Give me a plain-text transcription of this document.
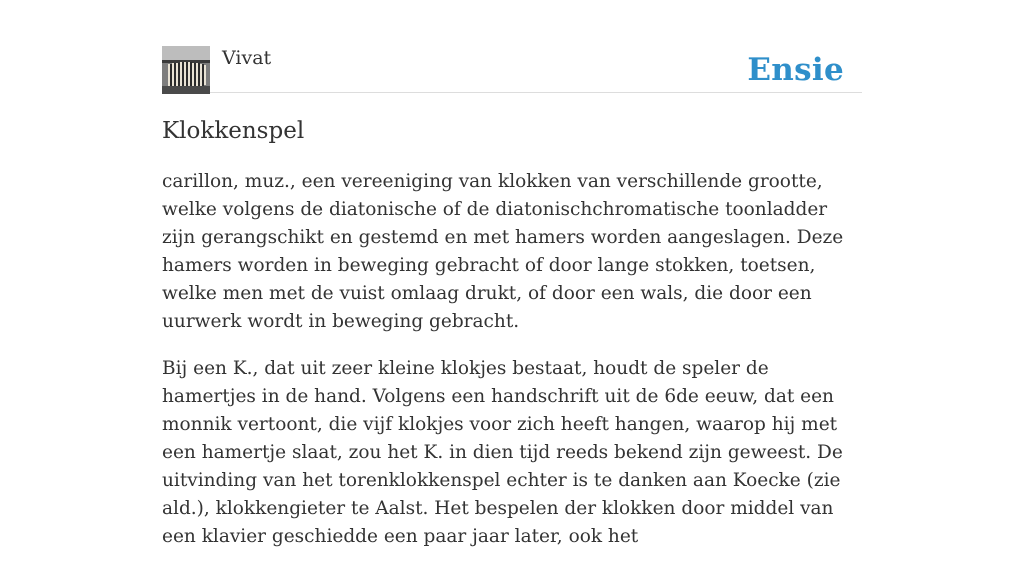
Vivat	Ensie
Klokkenspel

carillon, muz., een vereeniging van klokken van verschillende grootte, welke volgens de diatonische of de diatonischchromatische toonladder zijn gerangschikt en gestemd en met hamers worden aangeslagen. Deze hamers worden in beweging gebracht of door lange stokken, toetsen, welke men met de vuist omlaag drukt, of door een wals, die door een uurwerk wordt in beweging gebracht.

Bij een K., dat uit zeer kleine klokjes bestaat, houdt de speler de hamertjes in de hand. Volgens een handschrift uit de 6de eeuw, dat een monnik vertoont, die vijf klokjes voor zich heeft hangen, waarop hij met een hamertje slaat, zou het K. in dien tijd reeds bekend zijn geweest. De uitvinding van het torenklokkenspel echter is te danken aan Koecke (zie ald.), klokkengieter te Aalst. Het bespelen der klokken door middel van een klavier geschiedde een paar jaar later, ook het
